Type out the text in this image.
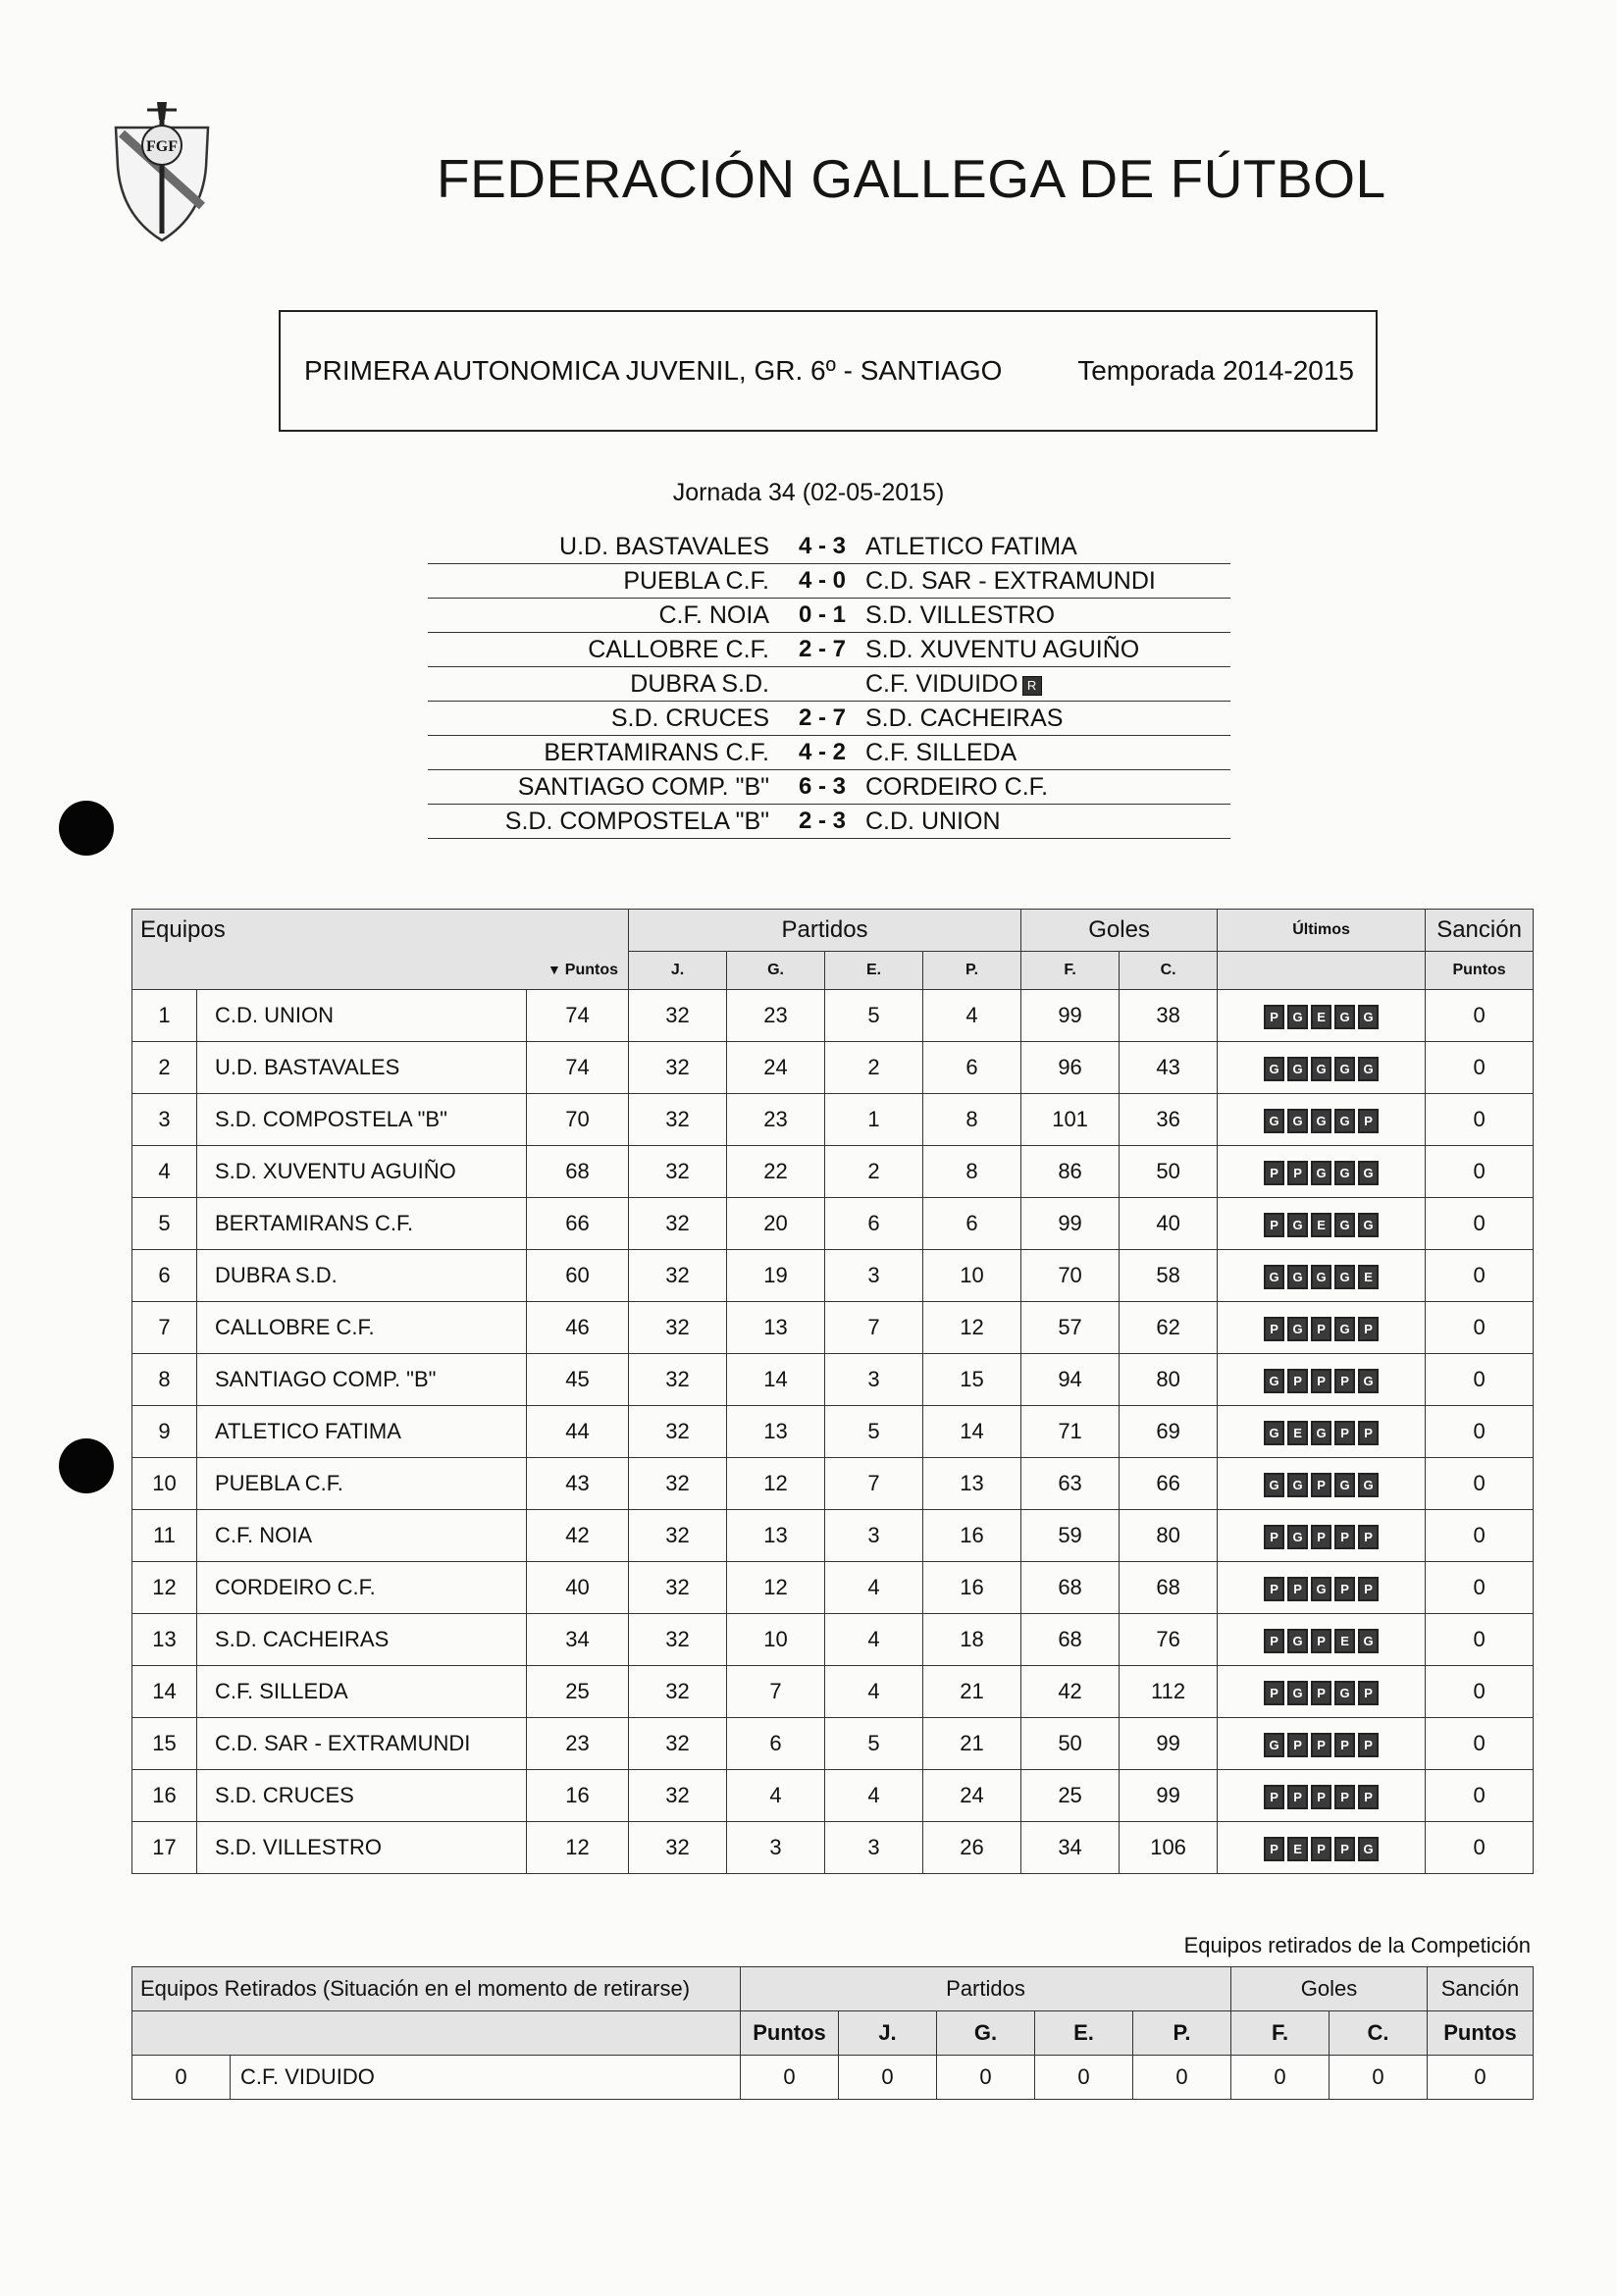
FGF
FEDERACIÓN GALLEGA DE FÚTBOL
PRIMERA AUTONOMICA JUVENIL, GR. 6º - SANTIAGO	Temporada 2014-2015
Jornada 34 (02-05-2015)
U.D. BASTAVALES	4 - 3	ATLETICO FATIMA
PUEBLA C.F.	4 - 0	C.D. SAR - EXTRAMUNDI
C.F. NOIA	0 - 1	S.D. VILLESTRO
CALLOBRE C.F.	2 - 7	S.D. XUVENTU AGUIÑO
DUBRA S.D.		C.F. VIDUIDO R
S.D. CRUCES	2 - 7	S.D. CACHEIRAS
BERTAMIRANS C.F.	4 - 2	C.F. SILLEDA
SANTIAGO COMP. "B"	6 - 3	CORDEIRO C.F.
S.D. COMPOSTELA "B"	2 - 3	C.D. UNION
Equipos			Partidos				Goles		Últimos	Sanción
▼ Puntos			J.	G.	E.	P.	F.	C.		Puntos
1	C.D. UNION	74	32	23	5	4	99	38	P G E G G	0
2	U.D. BASTAVALES	74	32	24	2	6	96	43	G G G G G	0
3	S.D. COMPOSTELA "B"	70	32	23	1	8	101	36	G G G G P	0
4	S.D. XUVENTU AGUIÑO	68	32	22	2	8	86	50	P P G G G	0
5	BERTAMIRANS C.F.	66	32	20	6	6	99	40	P G E G G	0
6	DUBRA S.D.	60	32	19	3	10	70	58	G G G G E	0
7	CALLOBRE C.F.	46	32	13	7	12	57	62	P G P G P	0
8	SANTIAGO COMP. "B"	45	32	14	3	15	94	80	G P P P G	0
9	ATLETICO FATIMA	44	32	13	5	14	71	69	G E G P P	0
10	PUEBLA C.F.	43	32	12	7	13	63	66	G G P G G	0
11	C.F. NOIA	42	32	13	3	16	59	80	P G P P P	0
12	CORDEIRO C.F.	40	32	12	4	16	68	68	P P G P P	0
13	S.D. CACHEIRAS	34	32	10	4	18	68	76	P G P E G	0
14	C.F. SILLEDA	25	32	7	4	21	42	112	P G P G P	0
15	C.D. SAR - EXTRAMUNDI	23	32	6	5	21	50	99	G P P P P	0
16	S.D. CRUCES	16	32	4	4	24	25	99	P P P P P	0
17	S.D. VILLESTRO	12	32	3	3	26	34	106	P E P P G	0
Equipos retirados de la Competición
Equipos Retirados (Situación en el momento de retirarse)		Partidos					Goles		Sanción
		Puntos	J.	G.	E.	P.	F.	C.	Puntos
0	C.F. VIDUIDO	0	0	0	0	0	0	0	0
